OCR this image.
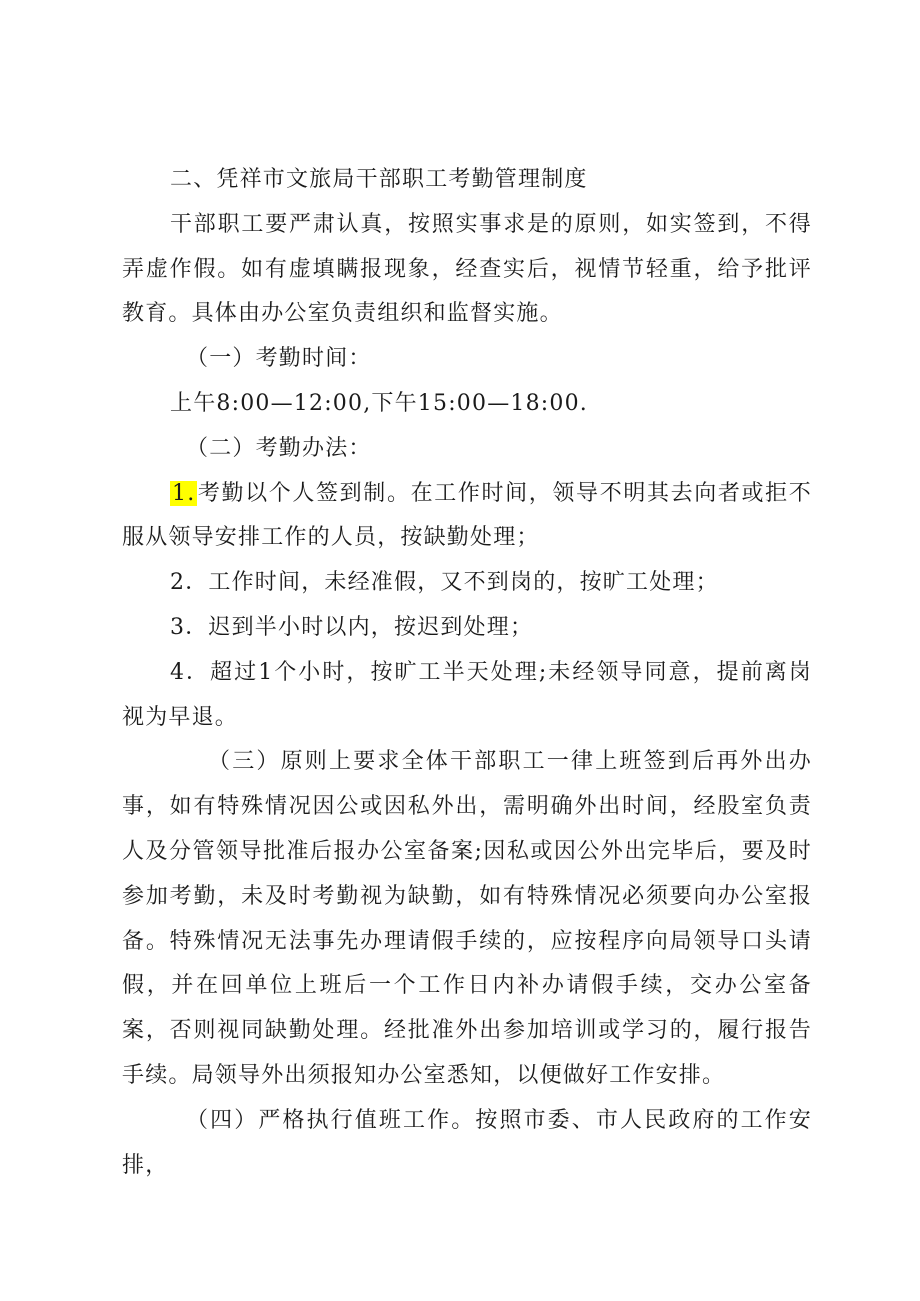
二、凭祥市文旅局干部职工考勤管理制度

干部职工要严肃认真，按照实事求是的原则，如实签到，不得弄虚作假。如有虚填瞒报现象，经查实后，视情节轻重，给予批评教育。具体由办公室负责组织和监督实施。

（一）考勤时间：

上午8:00—12:00,下午15:00—18:00.

（二）考勤办法：

1.考勤以个人签到制。在工作时间，领导不明其去向者或拒不服从领导安排工作的人员，按缺勤处理；

2．工作时间，未经准假，又不到岗的，按旷工处理；

3．迟到半小时以内，按迟到处理；

4．超过1个小时，按旷工半天处理;未经领导同意，提前离岗视为早退。

（三）原则上要求全体干部职工一律上班签到后再外出办事，如有特殊情况因公或因私外出，需明确外出时间，经股室负责人及分管领导批准后报办公室备案;因私或因公外出完毕后，要及时参加考勤，未及时考勤视为缺勤，如有特殊情况必须要向办公室报备。特殊情况无法事先办理请假手续的，应按程序向局领导口头请假，并在回单位上班后一个工作日内补办请假手续，交办公室备案，否则视同缺勤处理。经批准外出参加培训或学习的，履行报告手续。局领导外出须报知办公室悉知，以便做好工作安排。

（四）严格执行值班工作。按照市委、市人民政府的工作安排，
